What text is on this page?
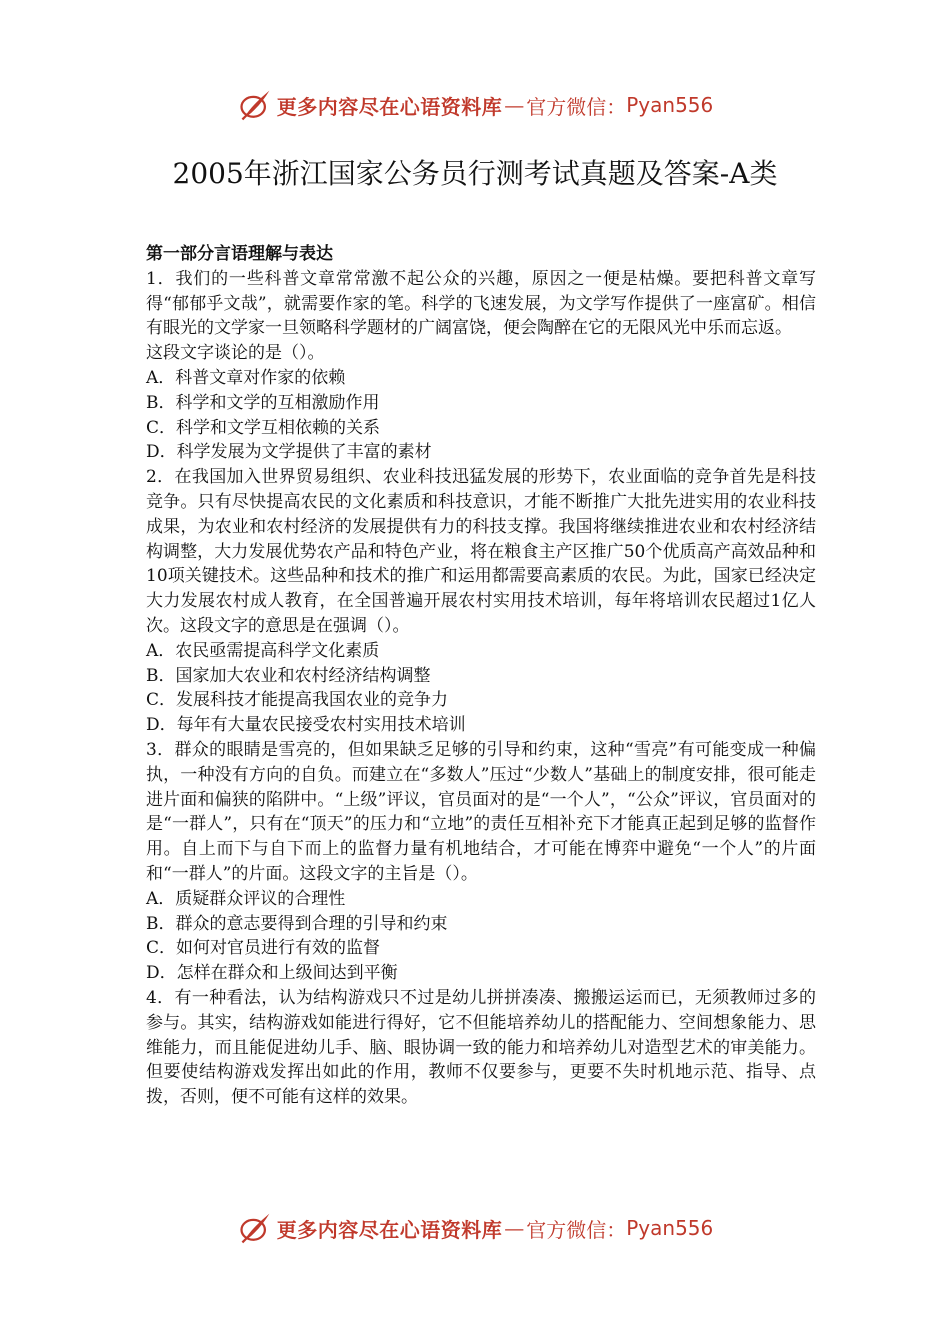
更多内容尽在心语资料库 — 官方微信： Pyan556
2005年浙江国家公务员行测考试真题及答案-A类
第一部分言语理解与表达
1．我们的一些科普文章常常激不起公众的兴趣，原因之一便是枯燥。要把科普文章写得“郁郁乎文哉”，就需要作家的笔。科学的飞速发展，为文学写作提供了一座富矿。相信有眼光的文学家一旦领略科学题材的广阔富饶，便会陶醉在它的无限风光中乐而忘返。
这段文字谈论的是（）。
A．科普文章对作家的依赖
B．科学和文学的互相激励作用
C．科学和文学互相依赖的关系
D．科学发展为文学提供了丰富的素材
2．在我国加入世界贸易组织、农业科技迅猛发展的形势下，农业面临的竞争首先是科技竞争。只有尽快提高农民的文化素质和科技意识，才能不断推广大批先进实用的农业科技成果，为农业和农村经济的发展提供有力的科技支撑。我国将继续推进农业和农村经济结构调整，大力发展优势农产品和特色产业，将在粮食主产区推广50个优质高产高效品种和10项关键技术。这些品种和技术的推广和运用都需要高素质的农民。为此，国家已经决定大力发展农村成人教育，在全国普遍开展农村实用技术培训，每年将培训农民超过1亿人次。这段文字的意思是在强调（）。
A．农民亟需提高科学文化素质
B．国家加大农业和农村经济结构调整
C．发展科技才能提高我国农业的竞争力
D．每年有大量农民接受农村实用技术培训
3．群众的眼睛是雪亮的，但如果缺乏足够的引导和约束，这种“雪亮”有可能变成一种偏执，一种没有方向的自负。而建立在“多数人”压过“少数人”基础上的制度安排，很可能走进片面和偏狭的陷阱中。“上级”评议，官员面对的是“一个人”，“公众”评议，官员面对的是“一群人”，只有在“顶天”的压力和“立地”的责任互相补充下才能真正起到足够的监督作用。自上而下与自下而上的监督力量有机地结合，才可能在博弈中避免“一个人”的片面和“一群人”的片面。这段文字的主旨是（）。
A．质疑群众评议的合理性
B．群众的意志要得到合理的引导和约束
C．如何对官员进行有效的监督
D．怎样在群众和上级间达到平衡
4．有一种看法，认为结构游戏只不过是幼儿拼拼凑凑、搬搬运运而已，无须教师过多的参与。其实，结构游戏如能进行得好，它不但能培养幼儿的搭配能力、空间想象能力、思维能力，而且能促进幼儿手、脑、眼协调一致的能力和培养幼儿对造型艺术的审美能力。但要使结构游戏发挥出如此的作用，教师不仅要参与，更要不失时机地示范、指导、点拨，否则，便不可能有这样的效果。
更多内容尽在心语资料库 — 官方微信： Pyan556
